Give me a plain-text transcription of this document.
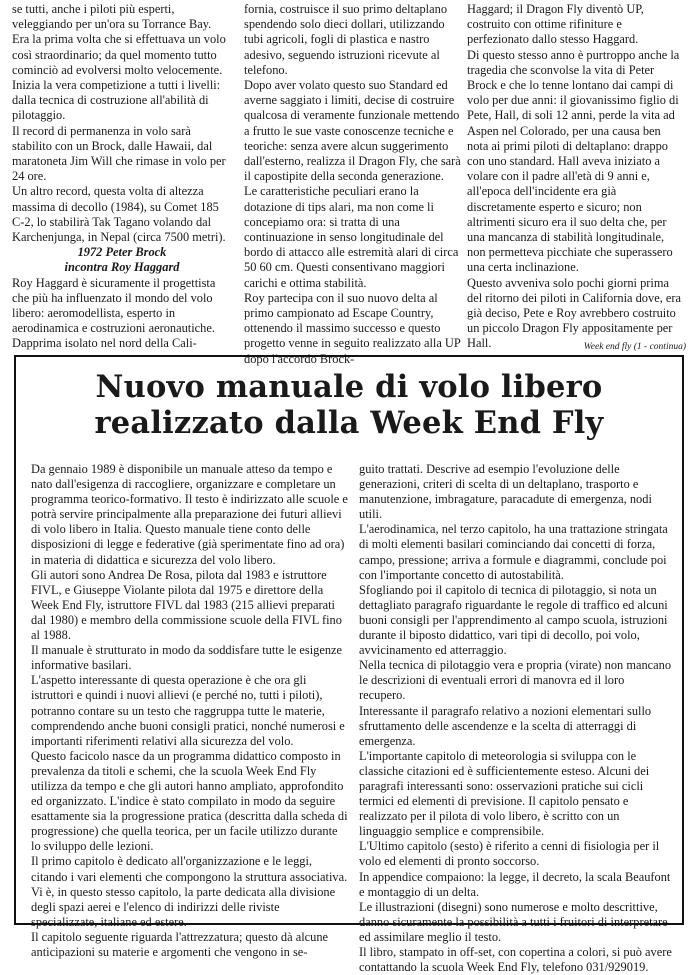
se tutti, anche i piloti più esperti, veleggiando per un'ora su Torrance Bay.

Era la prima volta che si effettuava un volo così straordinario; da quel momento tutto cominciò ad evolversi molto velocemente. Inizia la vera competizione a tutti i livelli: dalla tecnica di costruzione all'abilità di pilotaggio.

Il record di permanenza in volo sarà stabilito con un Brock, dalle Hawaii, dal maratoneta Jim Will che rimase in volo per 24 ore.

Un altro record, questa volta di altezza massima di decollo (1984), su Comet 185 C-2, lo stabilirà Tak Tagano volando dal Karchenjunga, in Nepal (circa 7500 metri).

1972 Peter Brock

incontra Roy Haggard

Roy Haggard è sicuramente il progettista che più ha influenzato il mondo del volo libero: aeromodellista, esperto in aerodinamica e costruzioni aeronautiche.

Dapprima isolato nel nord della Cali-

fornia, costruisce il suo primo deltaplano spendendo solo dieci dollari, utilizzando tubi agricoli, fogli di plastica e nastro adesivo, seguendo istruzioni ricevute al telefono.

Dopo aver volato questo suo Standard ed averne saggiato i limiti, decise di costruire qualcosa di veramente funzionale mettendo a frutto le sue vaste conoscenze tecniche e teoriche: senza avere alcun suggerimento dall'esterno, realizza il Dragon Fly, che sarà il capostipite della seconda generazione.

Le caratteristiche peculiari erano la dotazione di tips alari, ma non come li concepiamo ora: si tratta di una continuazione in senso longitudinale del bordo di attacco alle estremità alari di circa 50 60 cm. Questi consentivano maggiori carichi e ottima stabilità.

Roy partecipa con il suo nuovo delta al primo campionato ad Escape Country, ottenendo il massimo successo e questo progetto venne in seguito realizzato alla UP dopo l'accordo Brock-

Haggard; il Dragon Fly diventò UP, costruito con ottime rifiniture e perfezionato dallo stesso Haggard.

Di questo stesso anno è purtroppo anche la tragedia che sconvolse la vita di Peter Brock e che lo tenne lontano dai campi di volo per due anni: il giovanissimo figlio di Pete, Hall, di soli 12 anni, perde la vita ad Aspen nel Colorado, per una causa ben nota ai primi piloti di deltaplano: drappo con uno standard. Hall aveva iniziato a volare con il padre all'età di 9 anni e, all'epoca dell'incidente era già discretamente esperto e sicuro; non altrimenti sicuro era il suo delta che, per una mancanza di stabilità longitudinale, non permetteva picchiate che superassero una certa inclinazione.

Questo avveniva solo pochi giorni prima del ritorno dei piloti in California dove, era già deciso, Pete e Roy avrebbero costruito un piccolo Dragon Fly appositamente per Hall.	Week end fly (1 - continua)
Nuovo manuale di volo libero
realizzato dalla Week End Fly

Da gennaio 1989 è disponibile un manuale atteso da tempo e nato dall'esigenza di raccogliere, organizzare e completare un programma teorico-formativo. Il testo è indirizzato alle scuole e potrà servire principalmente alla preparazione dei futuri allievi di volo libero in Italia. Questo manuale tiene conto delle disposizioni di legge e federative (già sperimentate fino ad ora) in materia di didattica e sicurezza del volo libero.

Gli autori sono Andrea De Rosa, pilota dal 1983 e istruttore FIVL, e Giuseppe Violante pilota dal 1975 e direttore della Week End Fly, istruttore FIVL dal 1983 (215 allievi preparati dal 1980) e membro della commissione scuole della FIVL fino al 1988.

Il manuale è strutturato in modo da soddisfare tutte le esigenze informative basilari.

L'aspetto interessante di questa operazione è che ora gli istruttori e quindi i nuovi allievi (e perché no, tutti i piloti), potranno contare su un testo che raggruppa tutte le materie, comprendendo anche buoni consigli pratici, nonché numerosi e importanti riferimenti relativi alla sicurezza del volo.

Questo facicolo nasce da un programma didattico composto in prevalenza da titoli e schemi, che la scuola Week End Fly utilizza da tempo e che gli autori hanno ampliato, approfondito ed organizzato. L'indice è stato compilato in modo da seguire esattamente sia la progressione pratica (descritta dalla scheda di progressione) che quella teorica, per un facile utilizzo durante lo sviluppo delle lezioni.

Il primo capitolo è dedicato all'organizzazione e le leggi, citando i vari elementi che compongono la struttura associativa. Vi è, in questo stesso capitolo, la parte dedicata alla divisione degli spazi aerei e l'elenco di indirizzi delle riviste specializzate, italiane ed estere.

Il capitolo seguente riguarda l'attrezzatura; questo dà alcune anticipazioni su materie e argomenti che vengono in se-

guito trattati. Descrive ad esempio l'evoluzione delle generazioni, criteri di scelta di un deltaplano, trasporto e manutenzione, imbragature, paracadute di emergenza, nodi utili.

L'aerodinamica, nel terzo capitolo, ha una trattazione stringata di molti elementi basilari cominciando dai concetti di forza, campo, pressione; arriva a formule e diagrammi, conclude poi con l'importante concetto di autostabilità.

Sfogliando poi il capitolo di tecnica di pilotaggio, si nota un dettagliato paragrafo riguardante le regole di traffico ed alcuni buoni consigli per l'apprendimento al campo scuola, istruzioni durante il biposto didattico, vari tipi di decollo, poi volo, avvicinamento ed atterraggio.

Nella tecnica di pilotaggio vera e propria (virate) non mancano le descrizioni di eventuali errori di manovra ed il loro recupero.

Interessante il paragrafo relativo a nozioni elementari sullo sfruttamento delle ascendenze e la scelta di atterraggi di emergenza.

L'importante capitolo di meteorologia si sviluppa con le classiche citazioni ed è sufficientemente esteso. Alcuni dei paragrafi interessanti sono: osservazioni pratiche sui cicli termici ed elementi di previsione. Il capitolo pensato e realizzato per il pilota di volo libero, è scritto con un linguaggio semplice e comprensibile.

L'Ultimo capitolo (sesto) è riferito a cenni di fisiologia per il volo ed elementi di pronto soccorso.

In appendice compaiono: la legge, il decreto, la scala Beaufont e montaggio di un delta.

Le illustrazioni (disegni) sono numerose e molto descrittive, danno sicuramente la possibilità a tutti i fruitori di interpretare ed assimilare meglio il testo.

Il libro, stampato in off-set, con copertina a colori, si può avere contattando la scuola Week End Fly, telefono 031/929019.
